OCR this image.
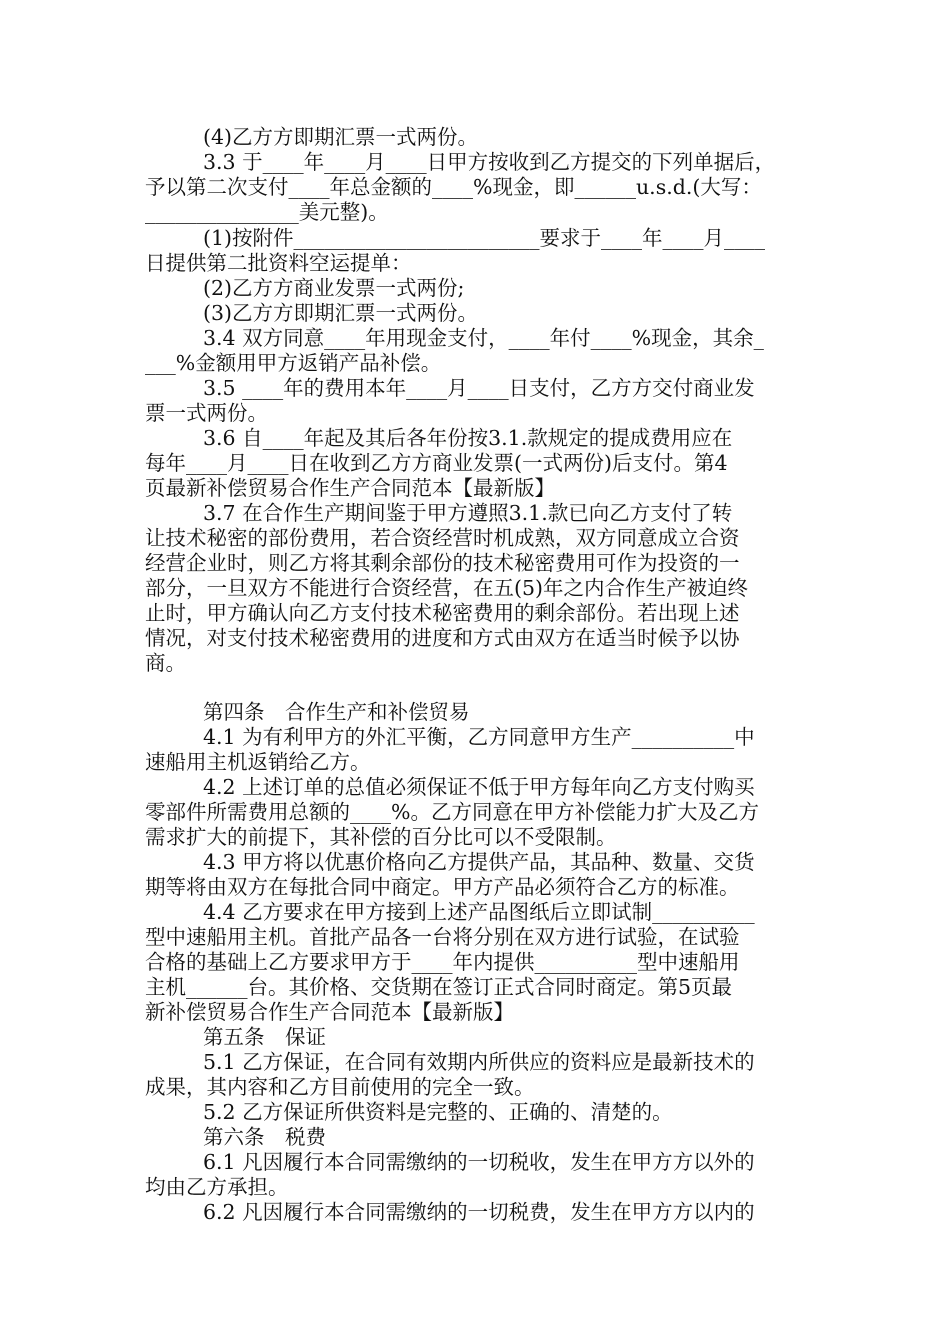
(4)乙方方即期汇票一式两份。
3.3 于____年____月____日甲方按收到乙方提交的下列单据后，
予以第二次支付____年总金额的____%现金，即______u.s.d.(大写：
_______________美元整)。
(1)按附件________________________要求于____年____月____
日提供第二批资料空运提单：
(2)乙方方商业发票一式两份;
(3)乙方方即期汇票一式两份。
3.4 双方同意____年用现金支付，____年付____%现金，其余_
___%金额用甲方返销产品补偿。
3.5 ____年的费用本年____月____日支付，乙方方交付商业发
票一式两份。
3.6 自____年起及其后各年份按3.1.款规定的提成费用应在
每年____月____日在收到乙方方商业发票(一式两份)后支付。第4
页最新补偿贸易合作生产合同范本【最新版】
3.7 在合作生产期间鉴于甲方遵照3.1.款已向乙方支付了转
让技术秘密的部份费用，若合资经营时机成熟，双方同意成立合资
经营企业时，则乙方将其剩余部份的技术秘密费用可作为投资的一
部分，一旦双方不能进行合资经营，在五(5)年之内合作生产被迫终
止时，甲方确认向乙方支付技术秘密费用的剩余部份。若出现上述
情况，对支付技术秘密费用的进度和方式由双方在适当时候予以协
商。
第四条　合作生产和补偿贸易
4.1 为有利甲方的外汇平衡，乙方同意甲方生产__________中
速船用主机返销给乙方。
4.2 上述订单的总值必须保证不低于甲方每年向乙方支付购买
零部件所需费用总额的____%。乙方同意在甲方补偿能力扩大及乙方
需求扩大的前提下，其补偿的百分比可以不受限制。
4.3 甲方将以优惠价格向乙方提供产品，其品种、数量、交货
期等将由双方在每批合同中商定。甲方产品必须符合乙方的标准。
4.4 乙方要求在甲方接到上述产品图纸后立即试制__________
型中速船用主机。首批产品各一台将分别在双方进行试验，在试验
合格的基础上乙方要求甲方于____年内提供__________型中速船用
主机______台。其价格、交货期在签订正式合同时商定。第5页最
新补偿贸易合作生产合同范本【最新版】
第五条　保证
5.1 乙方保证，在合同有效期内所供应的资料应是最新技术的
成果，其内容和乙方目前使用的完全一致。
5.2 乙方保证所供资料是完整的、正确的、清楚的。
第六条　税费
6.1 凡因履行本合同需缴纳的一切税收，发生在甲方方以外的
均由乙方承担。
6.2 凡因履行本合同需缴纳的一切税费，发生在甲方方以内的
